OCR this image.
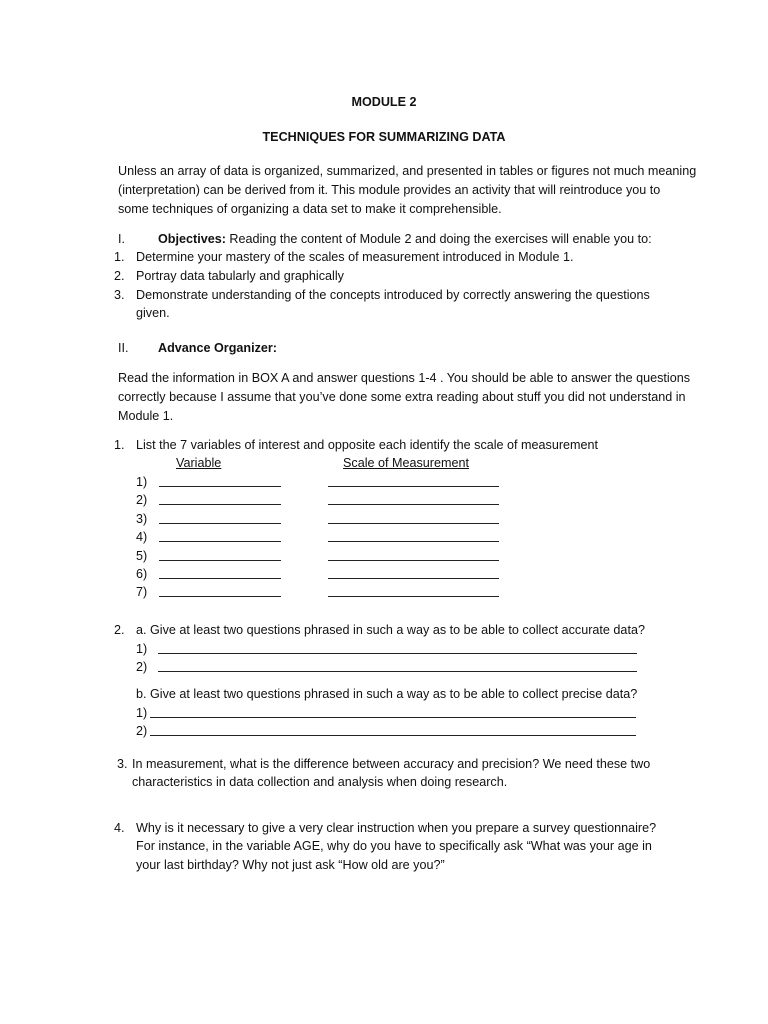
MODULE 2
TECHNIQUES FOR SUMMARIZING DATA
Unless an array of data is organized, summarized, and presented in tables or figures not much meaning
(interpretation) can be derived from it. This module provides an activity that will reintroduce you to
some techniques of organizing a data set to make it comprehensible.
I.	Objectives: Reading the content of Module 2 and doing the exercises will enable you to:
1. Determine your mastery of the scales of measurement introduced in Module 1.
2. Portray data tabularly and graphically
3. Demonstrate understanding of the concepts introduced by correctly answering the questions
given.
II. Advance Organizer:
Read the information in BOX A and answer questions 1-4 . You should be able to answer the questions
correctly because I assume that you’ve done some extra reading about stuff you did not understand in
Module 1.
1. List the 7 variables of interest and opposite each identify the scale of measurement
Variable	Scale of Measurement
1)
2)
3)
4)
5)
6)
7)
2. a. Give at least two questions phrased in such a way as to be able to collect accurate data?
1)
2)
b. Give at least two questions phrased in such a way as to be able to collect precise data?
1)
2)
3. In measurement, what is the difference between accuracy and precision? We need these two
characteristics in data collection and analysis when doing research.
4. Why is it necessary to give a very clear instruction when you prepare a survey questionnaire?
For instance, in the variable AGE, why do you have to specifically ask “What was your age in
your last birthday? Why not just ask “How old are you?”
